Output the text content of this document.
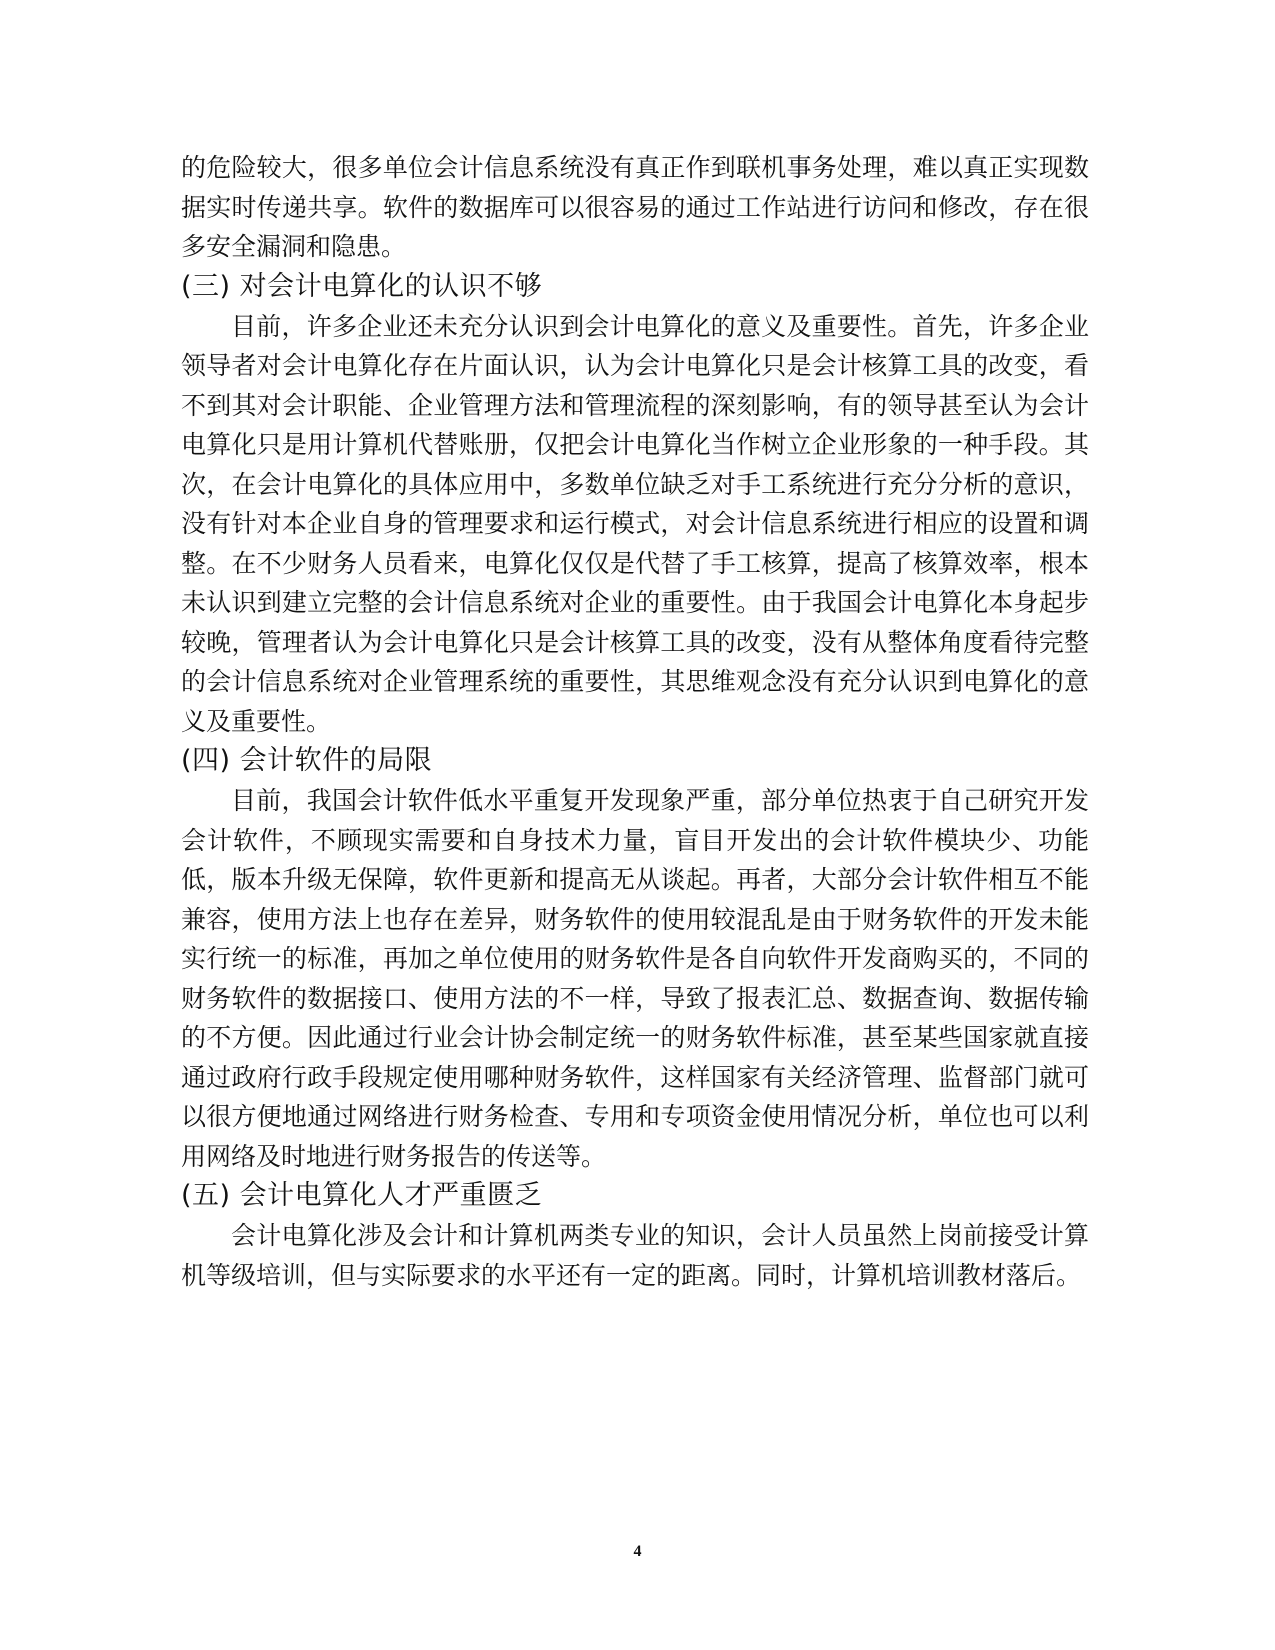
的危险较大，很多单位会计信息系统没有真正作到联机事务处理，难以真正实现数据实时传递共享。软件的数据库可以很容易的通过工作站进行访问和修改，存在很多安全漏洞和隐患。

(三) 对会计电算化的认识不够

目前，许多企业还未充分认识到会计电算化的意义及重要性。首先，许多企业领导者对会计电算化存在片面认识，认为会计电算化只是会计核算工具的改变，看不到其对会计职能、企业管理方法和管理流程的深刻影响，有的领导甚至认为会计电算化只是用计算机代替账册，仅把会计电算化当作树立企业形象的一种手段。其次，在会计电算化的具体应用中，多数单位缺乏对手工系统进行充分分析的意识，没有针对本企业自身的管理要求和运行模式，对会计信息系统进行相应的设置和调整。在不少财务人员看来，电算化仅仅是代替了手工核算，提高了核算效率，根本未认识到建立完整的会计信息系统对企业的重要性。由于我国会计电算化本身起步较晚，管理者认为会计电算化只是会计核算工具的改变，没有从整体角度看待完整的会计信息系统对企业管理系统的重要性，其思维观念没有充分认识到电算化的意义及重要性。

(四) 会计软件的局限

目前，我国会计软件低水平重复开发现象严重，部分单位热衷于自己研究开发会计软件，不顾现实需要和自身技术力量，盲目开发出的会计软件模块少、功能低，版本升级无保障，软件更新和提高无从谈起。再者，大部分会计软件相互不能兼容，使用方法上也存在差异，财务软件的使用较混乱是由于财务软件的开发未能实行统一的标准，再加之单位使用的财务软件是各自向软件开发商购买的，不同的财务软件的数据接口、使用方法的不一样，导致了报表汇总、数据查询、数据传输的不方便。因此通过行业会计协会制定统一的财务软件标准，甚至某些国家就直接通过政府行政手段规定使用哪种财务软件，这样国家有关经济管理、监督部门就可以很方便地通过网络进行财务检查、专用和专项资金使用情况分析，单位也可以利用网络及时地进行财务报告的传送等。

(五) 会计电算化人才严重匮乏

会计电算化涉及会计和计算机两类专业的知识，会计人员虽然上岗前接受计算机等级培训，但与实际要求的水平还有一定的距离。同时，计算机培训教材落后。

4
